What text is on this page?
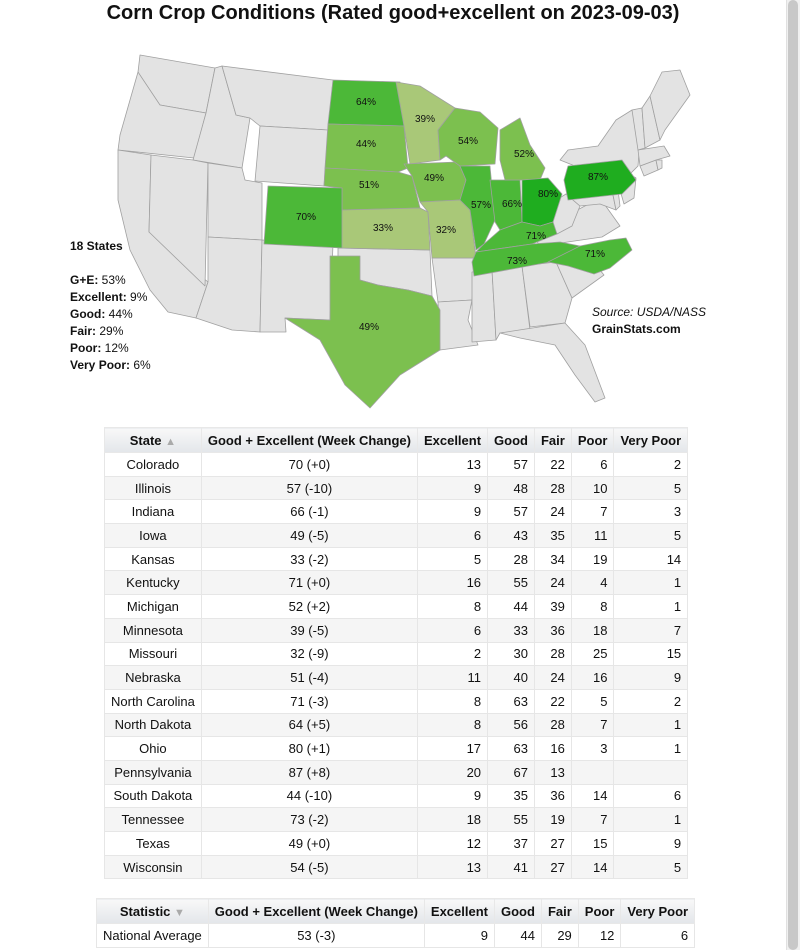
Corn Crop Conditions (Rated good+excellent on 2023-09-03)
64%
39%
44%	54%
52%
51%
49%	87%
70%
57% 66%
80%
33%	32%
71%
73%
71%
49%
18 States
G+E: 53%
Excellent: 9%
Good: 44%
Fair: 29%
Poor: 12%
Very Poor: 6%
Source: USDA/NASS
GrainStats.com
State ▲	Good + Excellent (Week Change)	Excellent	Good	Fair	Poor	Very Poor
Colorado	70 (+0)	13	57	22	6	2
Illinois	57 (-10)	9	48	28	10	5
Indiana	66 (-1)	9	57	24	7	3
Iowa	49 (-5)	6	43	35	11	5
Kansas	33 (-2)	5	28	34	19	14
Kentucky	71 (+0)	16	55	24	4	1
Michigan	52 (+2)	8	44	39	8	1
Minnesota	39 (-5)	6	33	36	18	7
Missouri	32 (-9)	2	30	28	25	15
Nebraska	51 (-4)	11	40	24	16	9
North Carolina	71 (-3)	8	63	22	5	2
North Dakota	64 (+5)	8	56	28	7	1
Ohio	80 (+1)	17	63	16	3	1
Pennsylvania	87 (+8)	20	67	13		
South Dakota	44 (-10)	9	35	36	14	6
Tennessee	73 (-2)	18	55	19	7	1
Texas	49 (+0)	12	37	27	15	9
Wisconsin	54 (-5)	13	41	27	14	5
Statistic ▼	Good + Excellent (Week Change)	Excellent	Good	Fair	Poor	Very Poor
National Average	53 (-3)	9	44	29	12	6
